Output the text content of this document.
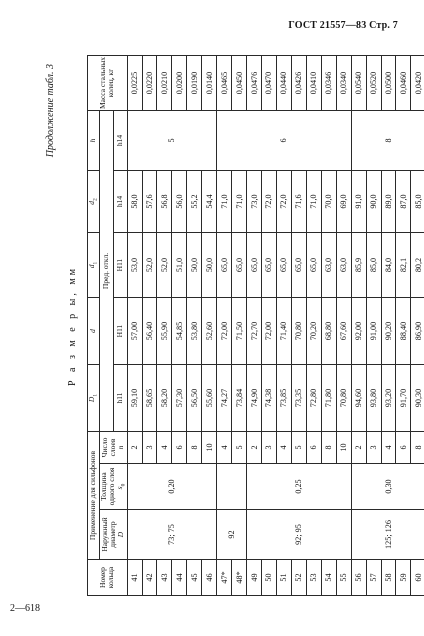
ГОСТ 21557—83 Стр. 7
2—618
Продолжение табл. 3
Р а з м е р ы, мм
Номер кольца	Применение для сильфонов			$D_1$	d	$d_1$	$d_2$	h	Масса стальных колец, кг
	Наружный диаметр
D	Толщина одного слоя
$s_0$	Число слоев
n	Пред. откл.					
				h11	H11	H11	h14	h14	
41	73; 75	0,20	2	59,10	57,00	53,0	58,0	5	0,0225
42			3	58,65	56,40	52,0	57,6		0,0220
43			4	58,20	55,90	52,0	56,8		0,0210
44			6	57,30	54,85	51,0	56,0		0,0200
45			8	56,50	53,80	50,0	55,2		0,0190
46			10	55,60	52,60	50,0	54,4		0,0140
47*	92		4	74,27	72,00	65,0	71,0	6	0,0465
48*			5	73,84	71,50	65,0	71,0		0,0450
49	92; 95	0,25	2	74,90	72,70	65,0	73,0		0,0476
50			3	74,38	72,00	65,0	72,0		0,0470
51			4	73,85	71,40	65,0	72,0		0,0440
52			5	73,35	70,80	65,0	71,6		0,0426
53			6	72,80	70,20	65,0	71,0		0,0410
54			8	71,80	68,80	63,0	70,0		0,0346
55			10	70,80	67,60	63,0	69,0		0,0340
56	125; 126	0,30	2	94,60	92,00	85,9	91,0	8	0,0540
57			3	93,80	91,00	85,0	90,0		0,0520
58			4	93,20	90,20	84,0	89,0		0,0500
59			6	91,70	88,40	82,1	87,0		0,0460
60			8	90,30	86,90	80,2	85,0		0,0420
